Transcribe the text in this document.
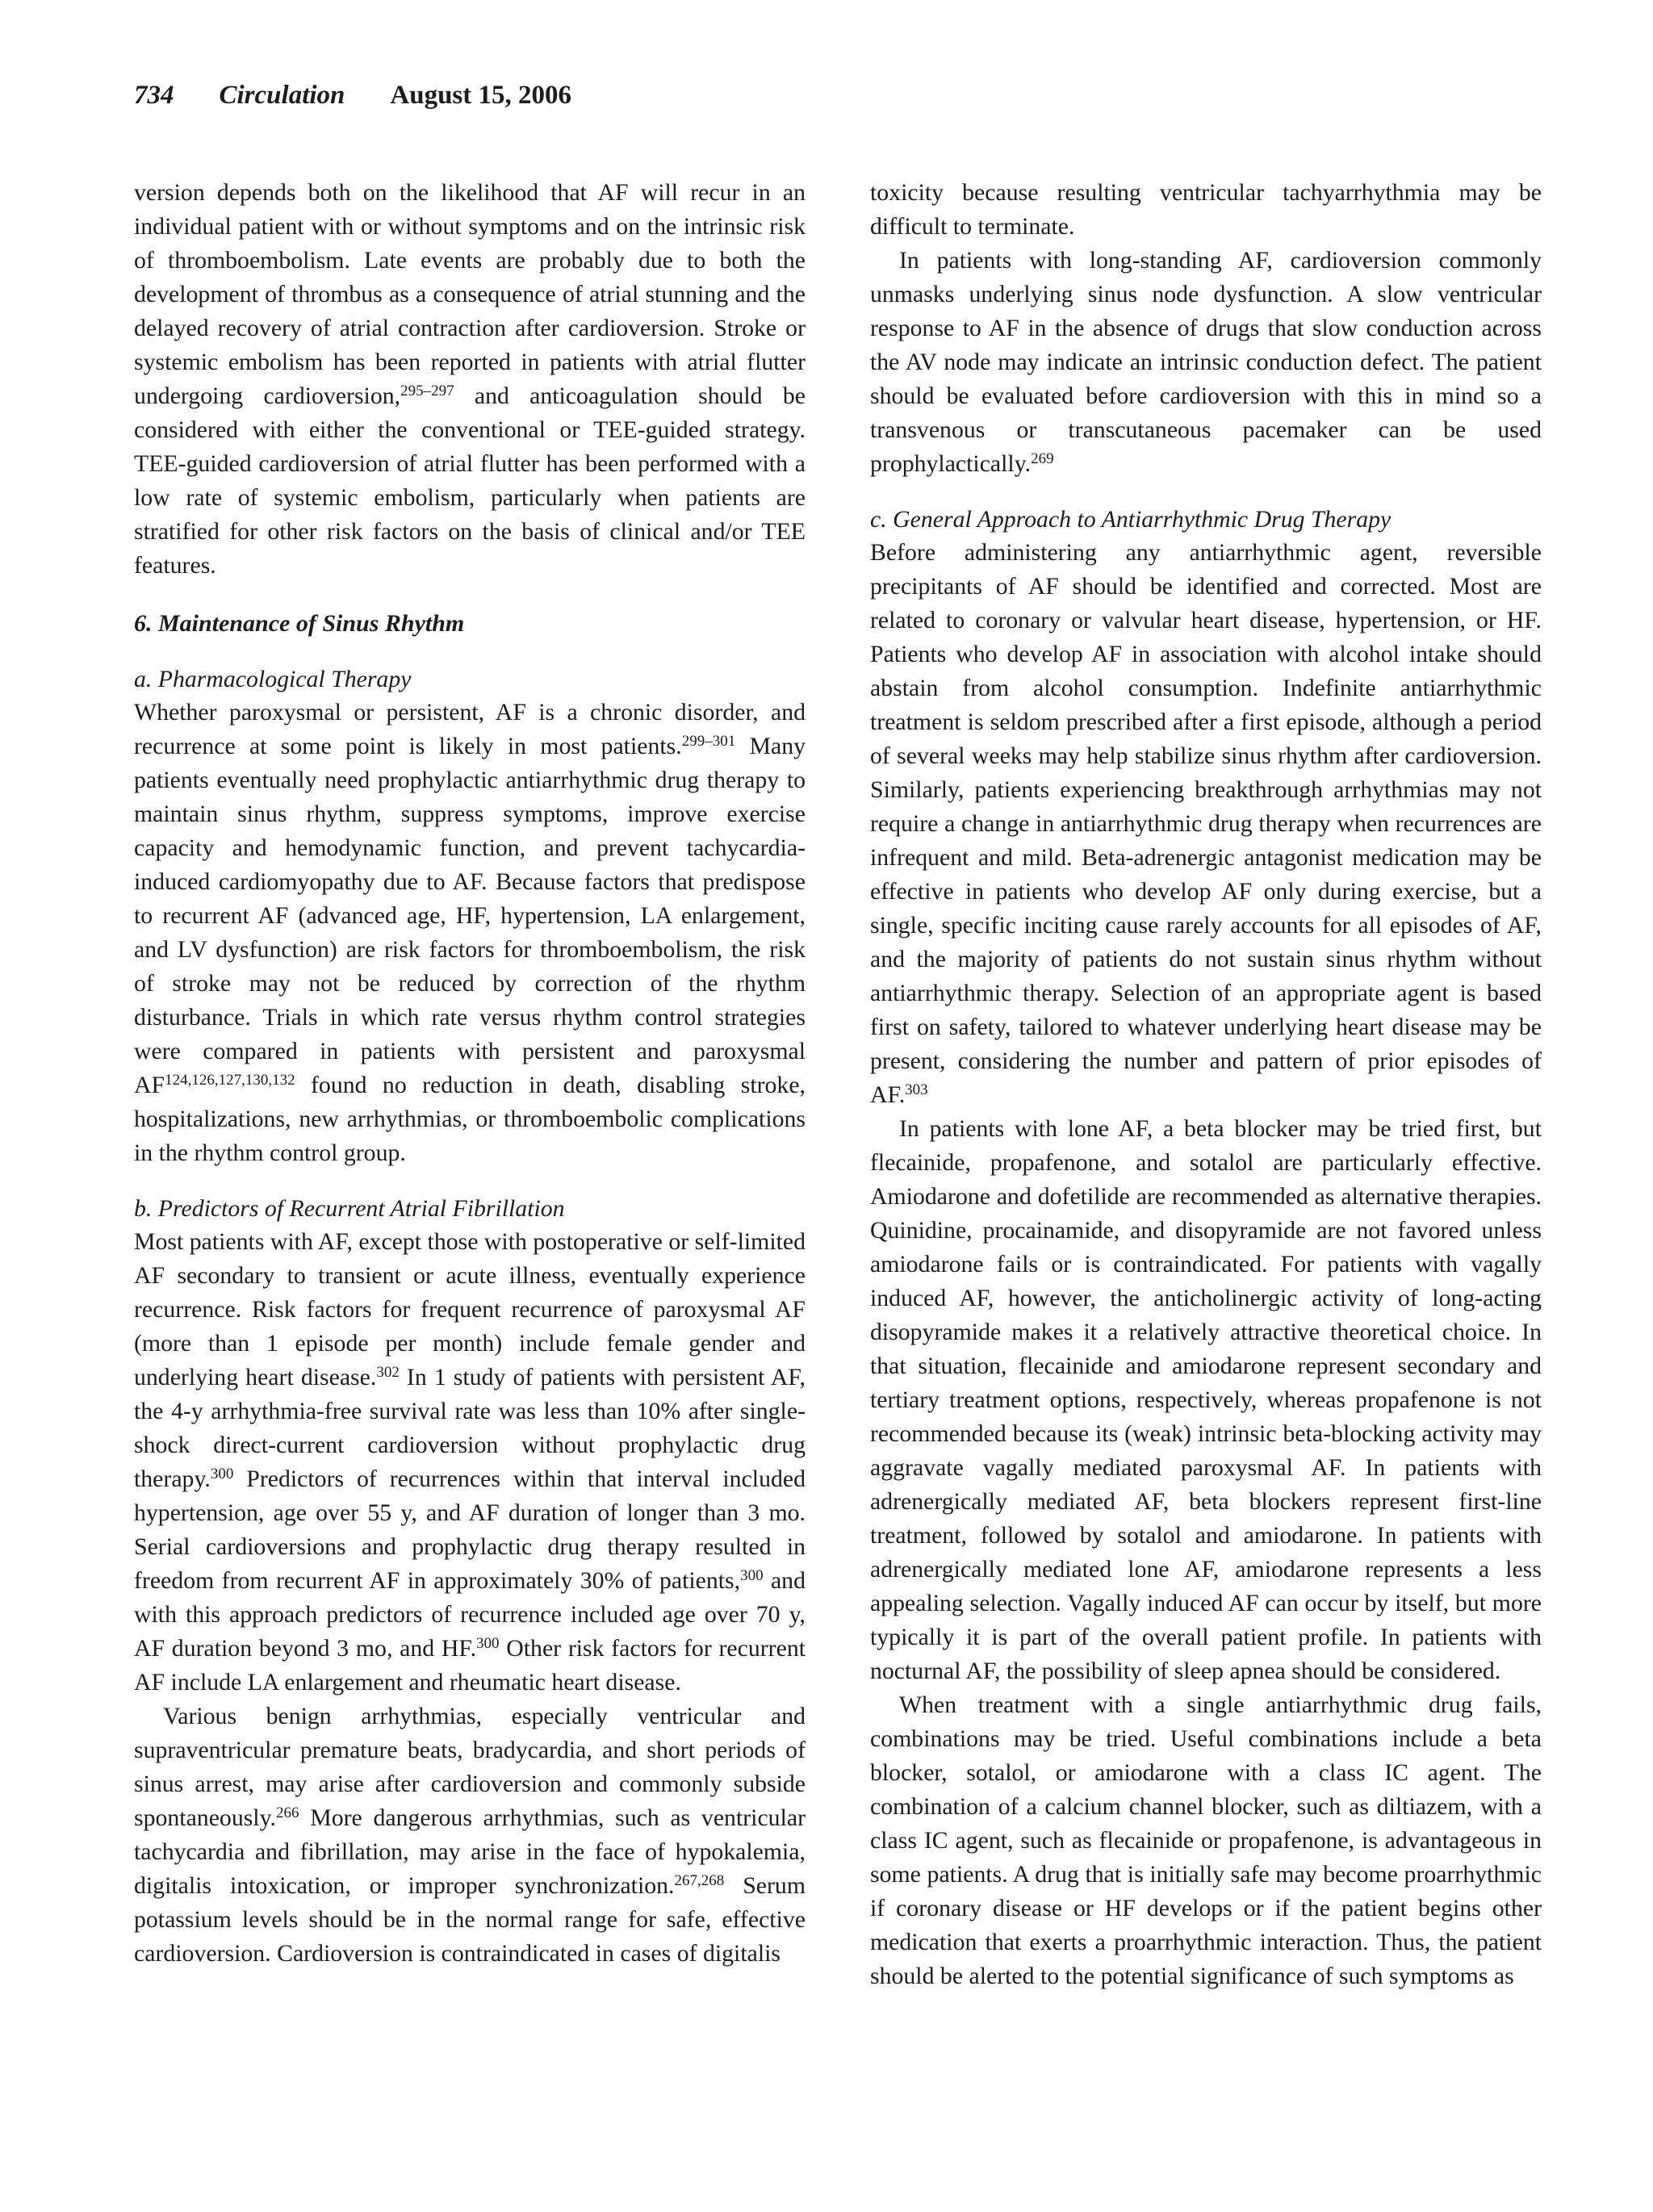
734 Circulation August 15, 2006

version depends both on the likelihood that AF will recur in an individual patient with or without symptoms and on the intrinsic risk of thromboembolism. Late events are probably due to both the development of thrombus as a consequence of atrial stunning and the delayed recovery of atrial contraction after cardioversion. Stroke or systemic embolism has been reported in patients with atrial flutter undergoing cardioversion,$^{295-297}$ and anticoagulation should be considered with either the conventional or TEE-guided strategy. TEE-guided cardioversion of atrial flutter has been performed with a low rate of systemic embolism, particularly when patients are stratified for other risk factors on the basis of clinical and/or TEE features.

6. Maintenance of Sinus Rhythm
a. Pharmacological Therapy

Whether paroxysmal or persistent, AF is a chronic disorder, and recurrence at some point is likely in most patients.$^{299-301}$ Many patients eventually need prophylactic antiarrhythmic drug therapy to maintain sinus rhythm, suppress symptoms, improve exercise capacity and hemodynamic function, and prevent tachycardia-induced cardiomyopathy due to AF. Because factors that predispose to recurrent AF (advanced age, HF, hypertension, LA enlargement, and LV dysfunction) are risk factors for thromboembolism, the risk of stroke may not be reduced by correction of the rhythm disturbance. Trials in which rate versus rhythm control strategies were compared in patients with persistent and paroxysmal AF$^{124,126,127,130,132}$ found no reduction in death, disabling stroke, hospitalizations, new arrhythmias, or thromboembolic complications in the rhythm control group.

b. Predictors of Recurrent Atrial Fibrillation

Most patients with AF, except those with postoperative or self-limited AF secondary to transient or acute illness, eventually experience recurrence. Risk factors for frequent recurrence of paroxysmal AF (more than 1 episode per month) include female gender and underlying heart disease.$^{302}$ In 1 study of patients with persistent AF, the 4-y arrhythmia-free survival rate was less than 10% after single-shock direct-current cardioversion without prophylactic drug therapy.$^{300}$ Predictors of recurrences within that interval included hypertension, age over 55 y, and AF duration of longer than 3 mo. Serial cardioversions and prophylactic drug therapy resulted in freedom from recurrent AF in approximately 30% of patients,$^{300}$ and with this approach predictors of recurrence included age over 70 y, AF duration beyond 3 mo, and HF.$^{300}$ Other risk factors for recurrent AF include LA enlargement and rheumatic heart disease.

Various benign arrhythmias, especially ventricular and supraventricular premature beats, bradycardia, and short periods of sinus arrest, may arise after cardioversion and commonly subside spontaneously.$^{266}$ More dangerous arrhythmias, such as ventricular tachycardia and fibrillation, may arise in the face of hypokalemia, digitalis intoxication, or improper synchronization.$^{267,268}$ Serum potassium levels should be in the normal range for safe, effective cardioversion. Cardioversion is contraindicated in cases of digitalis

toxicity because resulting ventricular tachyarrhythmia may be difficult to terminate.

In patients with long-standing AF, cardioversion commonly unmasks underlying sinus node dysfunction. A slow ventricular response to AF in the absence of drugs that slow conduction across the AV node may indicate an intrinsic conduction defect. The patient should be evaluated before cardioversion with this in mind so a transvenous or transcutaneous pacemaker can be used prophylactically.$^{269}$

c. General Approach to Antiarrhythmic Drug Therapy

Before administering any antiarrhythmic agent, reversible precipitants of AF should be identified and corrected. Most are related to coronary or valvular heart disease, hypertension, or HF. Patients who develop AF in association with alcohol intake should abstain from alcohol consumption. Indefinite antiarrhythmic treatment is seldom prescribed after a first episode, although a period of several weeks may help stabilize sinus rhythm after cardioversion. Similarly, patients experiencing breakthrough arrhythmias may not require a change in antiarrhythmic drug therapy when recurrences are infrequent and mild. Beta-adrenergic antagonist medication may be effective in patients who develop AF only during exercise, but a single, specific inciting cause rarely accounts for all episodes of AF, and the majority of patients do not sustain sinus rhythm without antiarrhythmic therapy. Selection of an appropriate agent is based first on safety, tailored to whatever underlying heart disease may be present, considering the number and pattern of prior episodes of AF.$^{303}$

In patients with lone AF, a beta blocker may be tried first, but flecainide, propafenone, and sotalol are particularly effective. Amiodarone and dofetilide are recommended as alternative therapies. Quinidine, procainamide, and disopyramide are not favored unless amiodarone fails or is contraindicated. For patients with vagally induced AF, however, the anticholinergic activity of long-acting disopyramide makes it a relatively attractive theoretical choice. In that situation, flecainide and amiodarone represent secondary and tertiary treatment options, respectively, whereas propafenone is not recommended because its (weak) intrinsic beta-blocking activity may aggravate vagally mediated paroxysmal AF. In patients with adrenergically mediated AF, beta blockers represent first-line treatment, followed by sotalol and amiodarone. In patients with adrenergically mediated lone AF, amiodarone represents a less appealing selection. Vagally induced AF can occur by itself, but more typically it is part of the overall patient profile. In patients with nocturnal AF, the possibility of sleep apnea should be considered.

When treatment with a single antiarrhythmic drug fails, combinations may be tried. Useful combinations include a beta blocker, sotalol, or amiodarone with a class IC agent. The combination of a calcium channel blocker, such as diltiazem, with a class IC agent, such as flecainide or propafenone, is advantageous in some patients. A drug that is initially safe may become proarrhythmic if coronary disease or HF develops or if the patient begins other medication that exerts a proarrhythmic interaction. Thus, the patient should be alerted to the potential significance of such symptoms as
